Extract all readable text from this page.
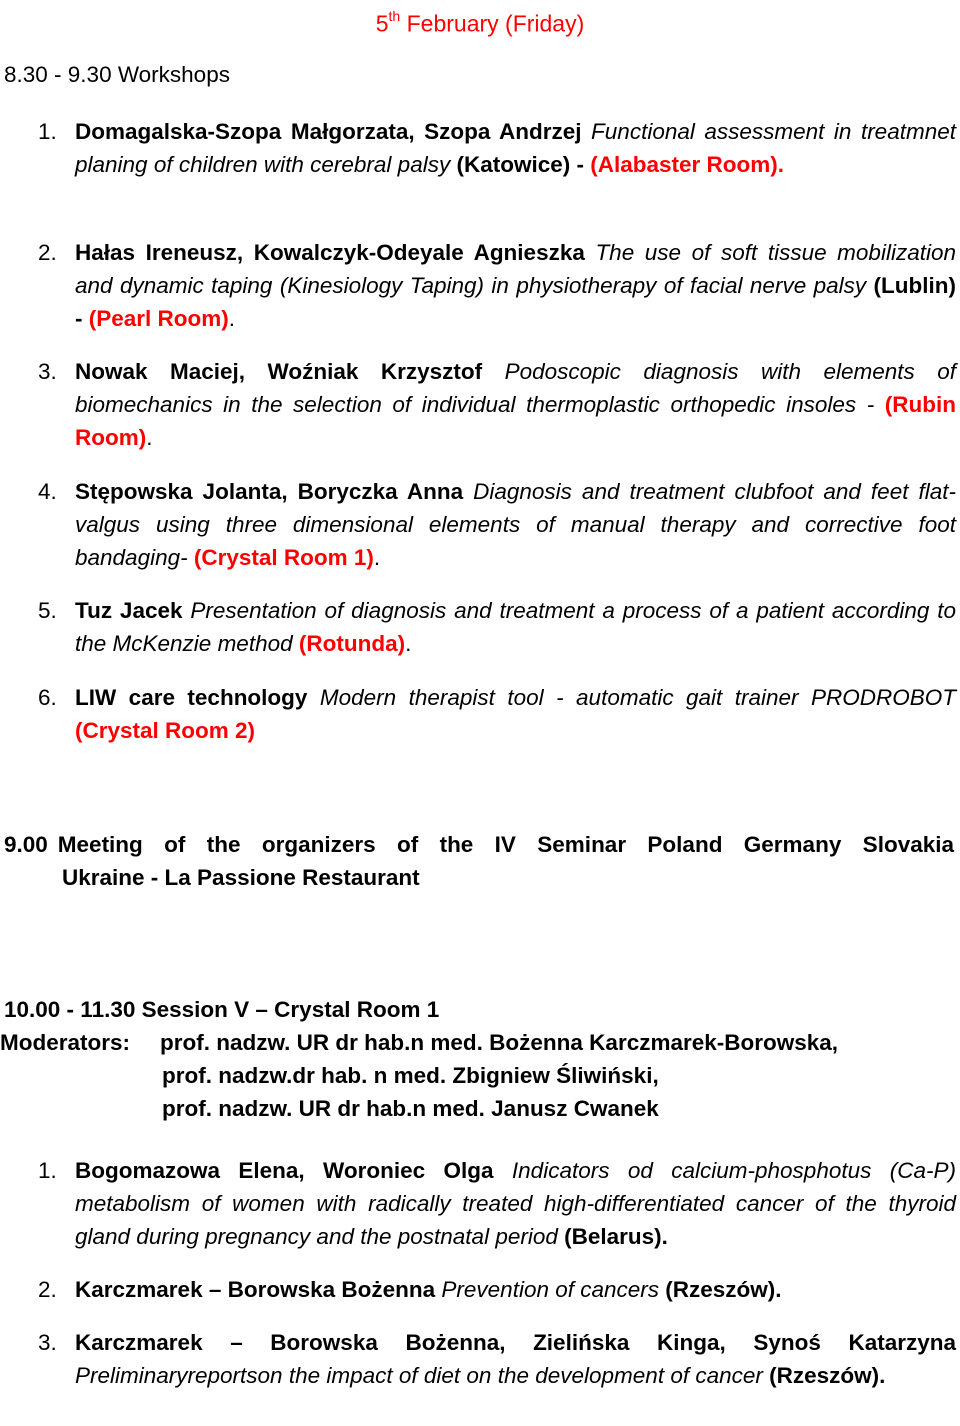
5th February (Friday)
8.30 - 9.30 Workshops
1. Domagalska-Szopa Małgorzata, Szopa Andrzej Functional assessment in treatmnet planing of children with cerebral palsy (Katowice) - (Alabaster Room).
2. Hałas Ireneusz, Kowalczyk-Odeyale Agnieszka The use of soft tissue mobilization and dynamic taping (Kinesiology Taping) in physiotherapy of facial nerve palsy (Lublin) - (Pearl Room).
3. Nowak Maciej, Woźniak Krzysztof Podoscopic diagnosis with elements of biomechanics in the selection of individual thermoplastic orthopedic insoles - (Rubin Room).
4. Stępowska Jolanta, Boryczka Anna Diagnosis and treatment clubfoot and feet flat-valgus using three dimensional elements of manual therapy and corrective foot bandaging- (Crystal Room 1).
5. Tuz Jacek Presentation of diagnosis and treatment a process of a patient according to the McKenzie method (Rotunda).
6. LIW care technology Modern therapist tool - automatic gait trainer PRODROBOT (Crystal Room 2)
9.00 Meeting of the organizers of the IV Seminar Poland Germany Slovakia
Ukraine - La Passione Restaurant
10.00 - 11.30 Session V – Crystal Room 1
Moderators: prof. nadzw. UR dr hab.n med. Bożenna Karczmarek-Borowska,
prof. nadzw.dr hab. n med. Zbigniew Śliwiński,
prof. nadzw. UR dr hab.n med. Janusz Cwanek
1. Bogomazowa Elena, Woroniec Olga Indicators od calcium-phosphotus (Ca-P) metabolism of women with radically treated high-differentiated cancer of the thyroid gland during pregnancy and the postnatal period (Belarus).
2. Karczmarek – Borowska Bożenna Prevention of cancers (Rzeszów).
3. Karczmarek – Borowska Bożenna, Zielińska Kinga, Synoś Katarzyna Preliminaryreportson the impact of diet on the development of cancer (Rzeszów).
